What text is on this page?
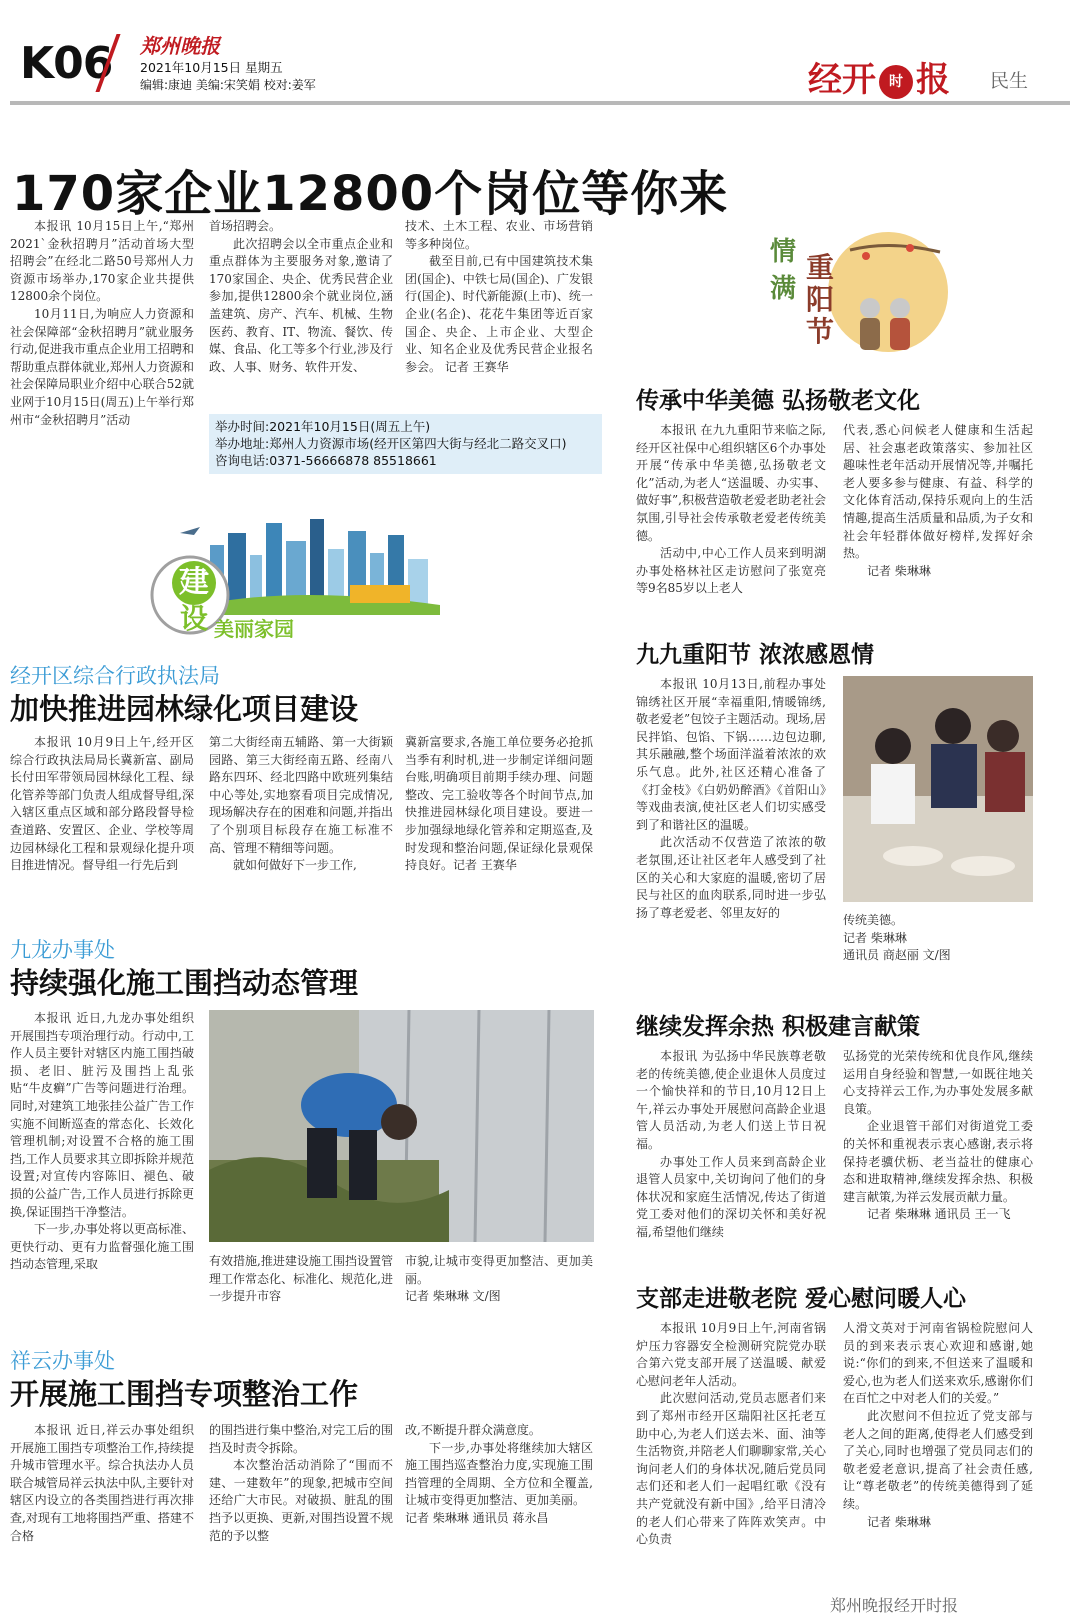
K06 郑州晚报
2021年10月15日 星期五
编辑:康迪 美编:宋笑娟 校对:姜军	经开 时 报 民生
170家企业12800个岗位等你来

本报讯 10月15日上午,“郑州2021`金秋招聘月”活动首场大型招聘会”在经北二路50号郑州人力资源市场举办,170家企业共提供12800余个岗位。

10月11日,为响应人力资源和社会保障部“金秋招聘月”就业服务行动,促进我市重点企业用工招聘和帮助重点群体就业,郑州人力资源和社会保障局职业介绍中心联合52就业网于10月15日(周五)上午举行郑州市“金秋招聘月”活动

首场招聘会。

此次招聘会以全市重点企业和重点群体为主要服务对象,邀请了170家国企、央企、优秀民营企业参加,提供12800余个就业岗位,涵盖建筑、房产、汽车、机械、生物医药、教育、IT、物流、餐饮、传媒、食品、化工等多个行业,涉及行政、人事、财务、软件开发、

技术、土木工程、农业、市场营销等多种岗位。

截至目前,已有中国建筑技术集团(国企)、中铁七局(国企)、广发银行(国企)、时代新能源(上市)、统一企业(名企)、花花牛集团等近百家国企、央企、上市企业、大型企业、知名企业及优秀民营企业报名参会。 记者 王赛华

举办时间:2021年10月15日(周五上午)
举办地址:郑州人力资源市场(经开区第四大街与经北二路交叉口)
咨询电话:0371-56666878 85518661
建
设 美丽家园
经开区综合行政执法局
加快推进园林绿化项目建设

本报讯 10月9日上午,经开区综合行政执法局局长冀新富、副局长付田军带领局园林绿化工程、绿化管养等部门负责人组成督导组,深入辖区重点区域和部分路段督导检查道路、安置区、企业、学校等周边园林绿化工程和景观绿化提升项目推进情况。督导组一行先后到

第二大街经南五辅路、第一大街颖园路、第三大街经南五路、经南八路东四环、经北四路中欧班列集结中心等处,实地察看项目完成情况,现场解决存在的困难和问题,并指出了个别项目标段存在施工标准不高、管理不精细等问题。

就如何做好下一步工作,

冀新富要求,各施工单位要务必抢抓当季有利时机,进一步制定详细问题台账,明确项目前期手续办理、问题整改、完工验收等各个时间节点,加快推进园林绿化项目建设。要进一步加强绿地绿化管养和定期巡查,及时发现和整治问题,保证绿化景观保持良好。记者 王赛华

九龙办事处
持续强化施工围挡动态管理

本报讯 近日,九龙办事处组织开展围挡专项治理行动。行动中,工作人员主要针对辖区内施工围挡破损、老旧、脏污及围挡上乱张贴“牛皮癣”广告等问题进行治理。同时,对建筑工地张挂公益广告工作实施不间断巡查的常态化、长效化管理机制;对设置不合格的施工围挡,工作人员要求其立即拆除并规范设置;对宣传内容陈旧、褪色、破损的公益广告,工作人员进行拆除更换,保证围挡干净整洁。

下一步,办事处将以更高标准、更快行动、更有力监督强化施工围挡动态管理,采取	有效措施,推进建设施工围挡设置管理工作常态化、标准化、规范化,进一步提升市容

市貌,让城市变得更加整洁、更加美丽。

记者 柴琳琳 文/图

祥云办事处
开展施工围挡专项整治工作

本报讯 近日,祥云办事处组织开展施工围挡专项整治工作,持续提升城市管理水平。综合执法办人员联合城管局祥云执法中队,主要针对辖区内设立的各类围挡进行再次排查,对现有工地将围挡严重、搭建不合格

的围挡进行集中整治,对完工后的围挡及时责令拆除。

本次整治活动消除了“围而不建、一建数年”的现象,把城市空间还给广大市民。对破损、脏乱的围挡予以更换、更新,对围挡设置不规范的予以整

改,不断提升群众满意度。

下一步,办事处将继续加大辖区施工围挡巡查整治力度,实现施工围挡管理的全周期、全方位和全覆盖,让城市变得更加整洁、更加美丽。

记者 柴琳琳 通讯员 蒋永昌

情
满
重阳节
传承中华美德 弘扬敬老文化

本报讯 在九九重阳节来临之际,经开区社保中心组织辖区6个办事处开展“传承中华美德,弘扬敬老文化”活动,为老人“送温暖、办实事、做好事”,积极营造敬老爱老助老社会氛围,引导社会传承敬老爱老传统美德。

活动中,中心工作人员来到明湖办事处格林社区走访慰问了张宽亮等9名85岁以上老人

代表,悉心问候老人健康和生活起居、社会惠老政策落实、参加社区趣味性老年活动开展情况等,并嘱托老人要多参与健康、有益、科学的文化体育活动,保持乐观向上的生活情趣,提高生活质量和品质,为子女和社会年轻群体做好榜样,发挥好余热。

记者 柴琳琳

九九重阳节 浓浓感恩情

本报讯 10月13日,前程办事处锦绣社区开展“幸福重阳,情暖锦绣,敬老爱老”包饺子主题活动。现场,居民拌馅、包馅、下锅……边包边聊,其乐融融,整个场面洋溢着浓浓的欢乐气息。此外,社区还精心准备了《打金枝》《白奶奶醉酒》《首阳山》等戏曲表演,使社区老人们切实感受到了和谐社区的温暖。

此次活动不仅营造了浓浓的敬老氛围,还让社区老年人感受到了社区的关心和大家庭的温暖,密切了居民与社区的血肉联系,同时进一步弘扬了尊老爱老、邻里友好的

传统美德。

记者 柴琳琳

通讯员 商赵丽 文/图

继续发挥余热 积极建言献策

本报讯 为弘扬中华民族尊老敬老的传统美德,使企业退休人员度过一个愉快祥和的节日,10月12日上午,祥云办事处开展慰问高龄企业退管人员活动,为老人们送上节日祝福。

办事处工作人员来到高龄企业退管人员家中,关切询问了他们的身体状况和家庭生活情况,传达了街道党工委对他们的深切关怀和美好祝福,希望他们继续

弘扬党的光荣传统和优良作风,继续运用自身经验和智慧,一如既往地关心支持祥云工作,为办事处发展多献良策。

企业退管干部们对街道党工委的关怀和重视表示衷心感谢,表示将保持老骥伏枥、老当益壮的健康心态和进取精神,继续发挥余热、积极建言献策,为祥云发展贡献力量。

记者 柴琳琳 通讯员 王一飞

支部走进敬老院 爱心慰问暖人心

本报讯 10月9日上午,河南省锅炉压力容器安全检测研究院党办联合第六党支部开展了送温暖、献爱心慰问老年人活动。

此次慰问活动,党员志愿者们来到了郑州市经开区瑞阳社区托老互助中心,为老人们送去米、面、油等生活物资,并陪老人们聊聊家常,关心询问老人们的身体状况,随后党员同志们还和老人们一起唱红歌《没有共产党就没有新中国》,给平日清冷的老人们心带来了阵阵欢笑声。中心负责

人滑文英对于河南省锅检院慰问人员的到来表示衷心欢迎和感谢,她说:“你们的到来,不但送来了温暖和爱心,也为老人们送来欢乐,感谢你们在百忙之中对老人们的关爱。”

此次慰问不但拉近了党支部与老人之间的距离,使得老人们感受到了关心,同时也增强了党员同志们的敬老爱老意识,提高了社会责任感,让“尊老敬老”的传统美德得到了延续。

记者 柴琳琳

郑州晚报经开时报
